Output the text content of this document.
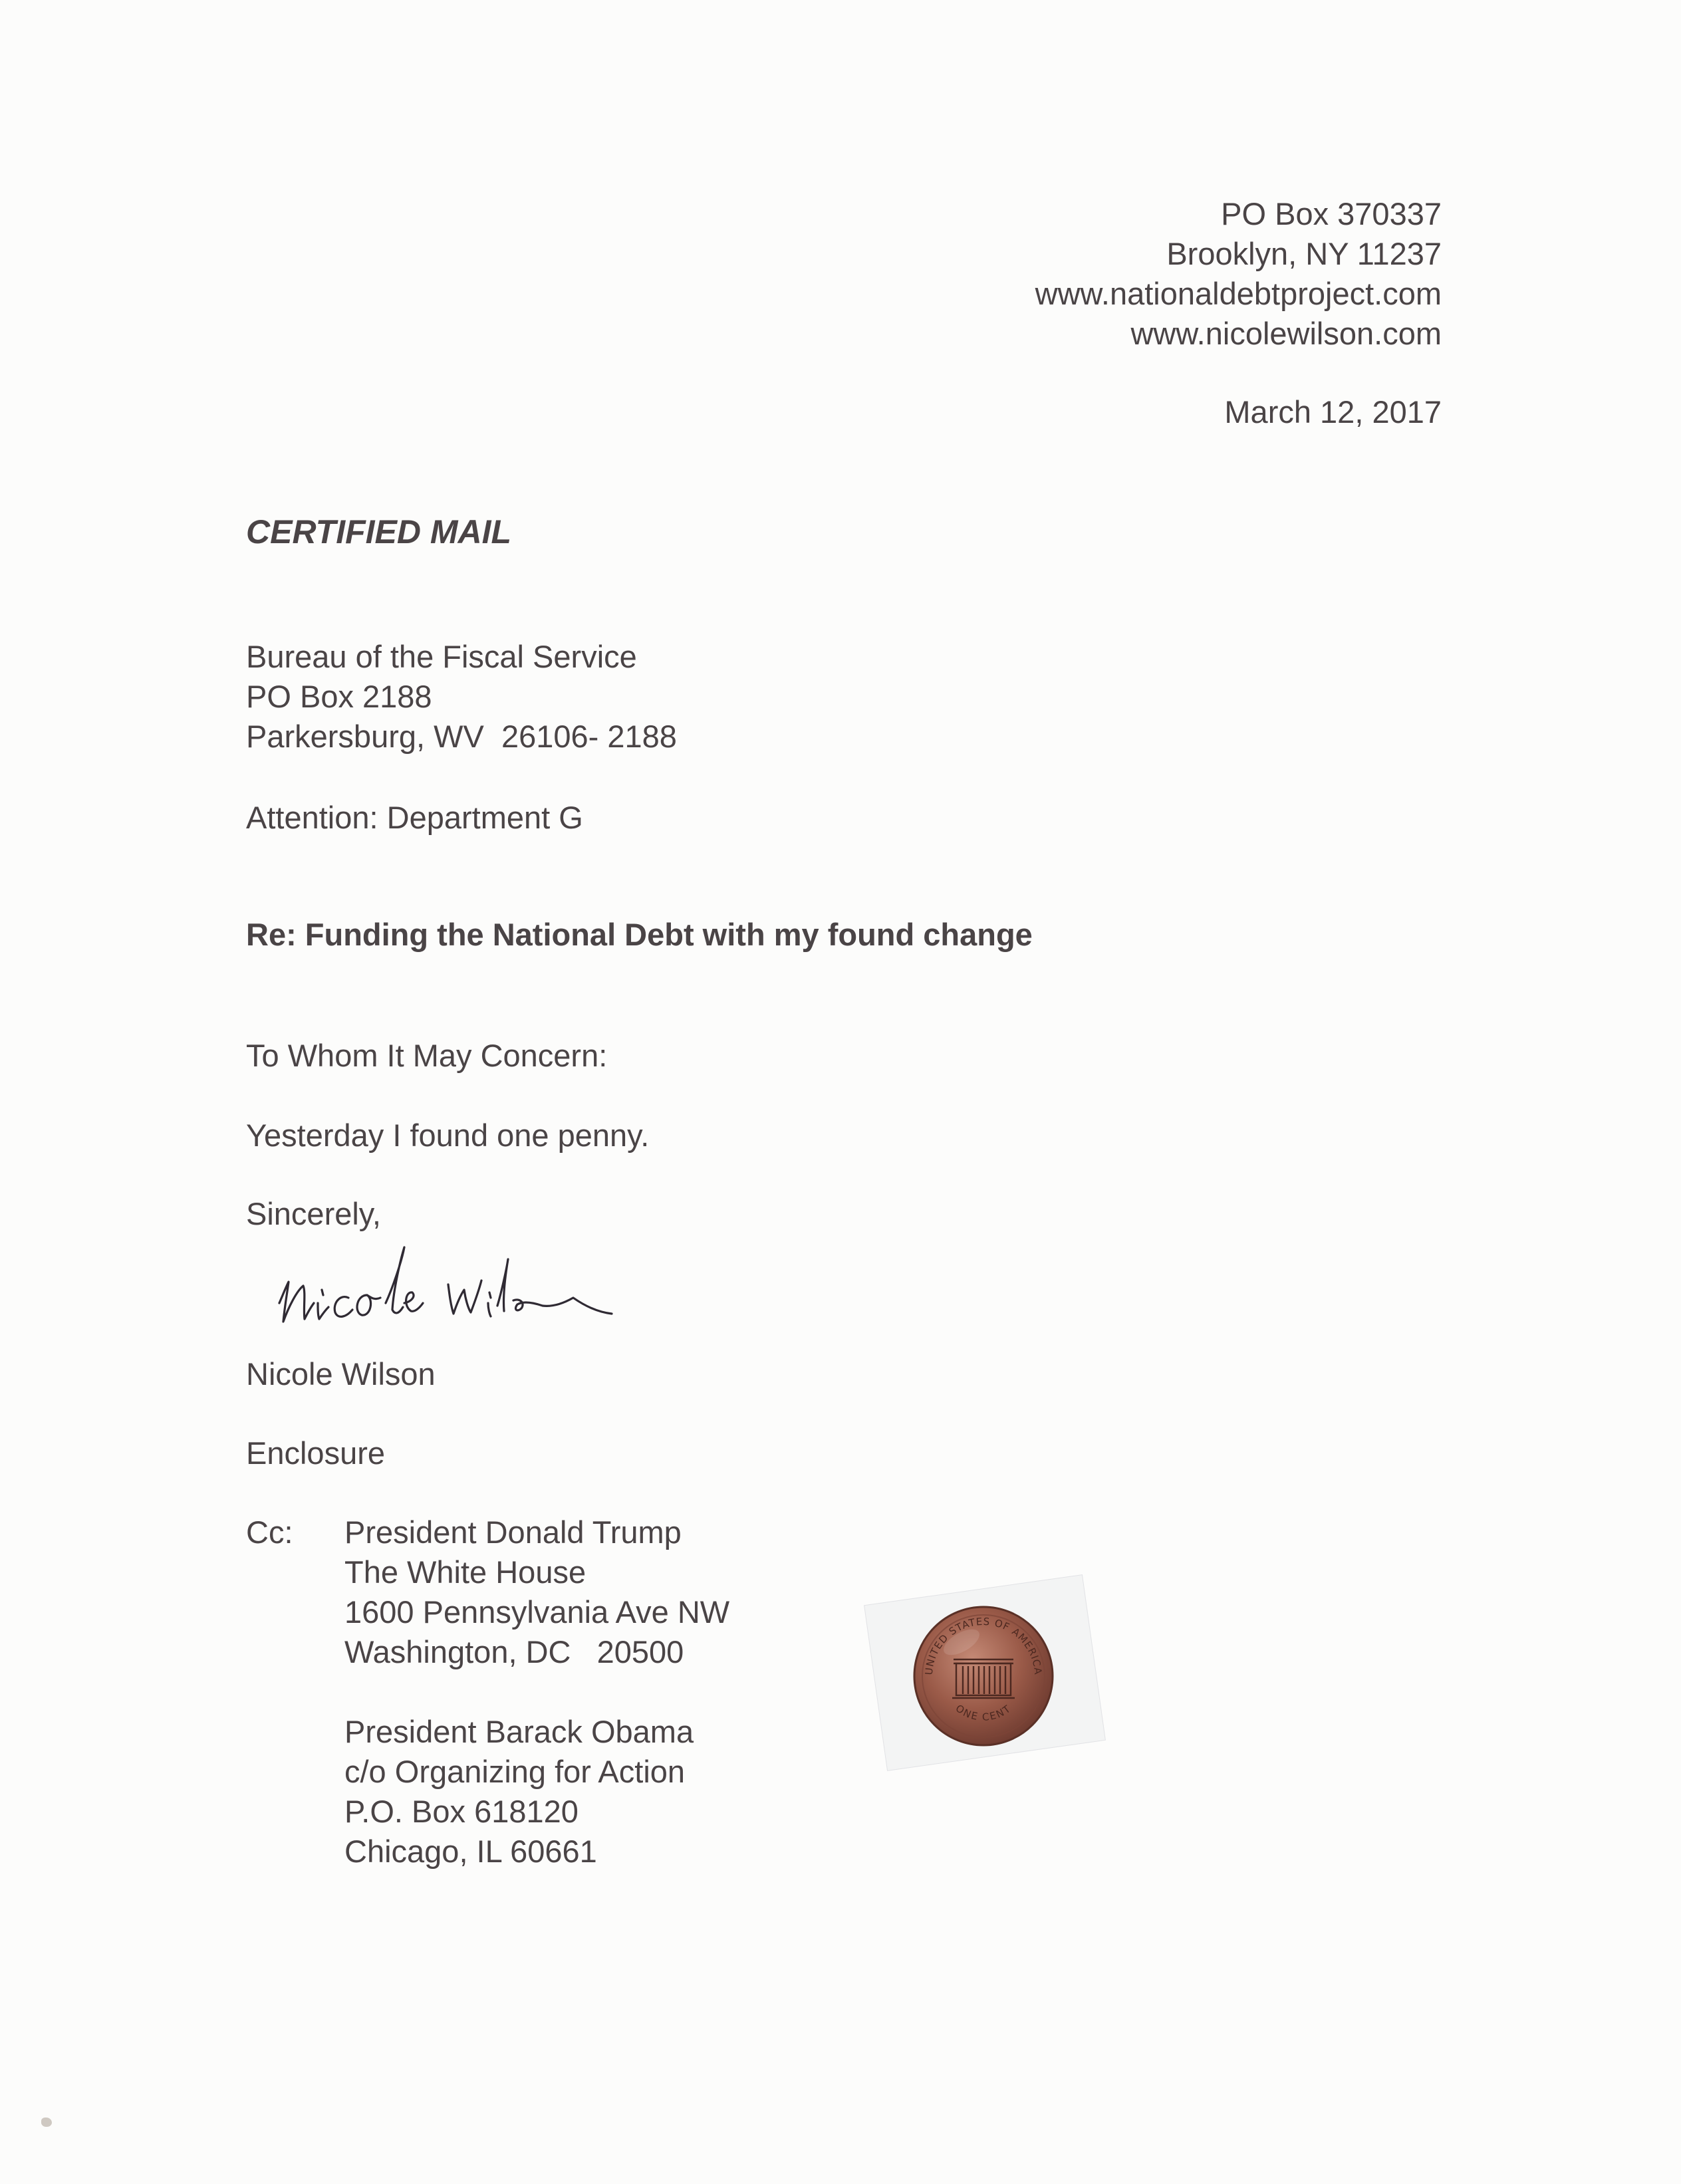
PO Box 370337
Brooklyn, NY 11237
www.nationaldebtproject.com
www.nicolewilson.com
March 12, 2017
CERTIFIED MAIL
Bureau of the Fiscal Service
PO Box 2188
Parkersburg, WV  26106- 2188
Attention: Department G
Re: Funding the National Debt with my found change
To Whom It May Concern:
Yesterday I found one penny.
Sincerely,
Nicole Wilson
Enclosure
Cc: President Donald Trump
The White House
1600 Pennsylvania Ave NW
Washington, DC   20500
President Barack Obama
c/o Organizing for Action
P.O. Box 618120
Chicago, IL 60661
UNITED STATES OF AMERICA
ONE CENT
